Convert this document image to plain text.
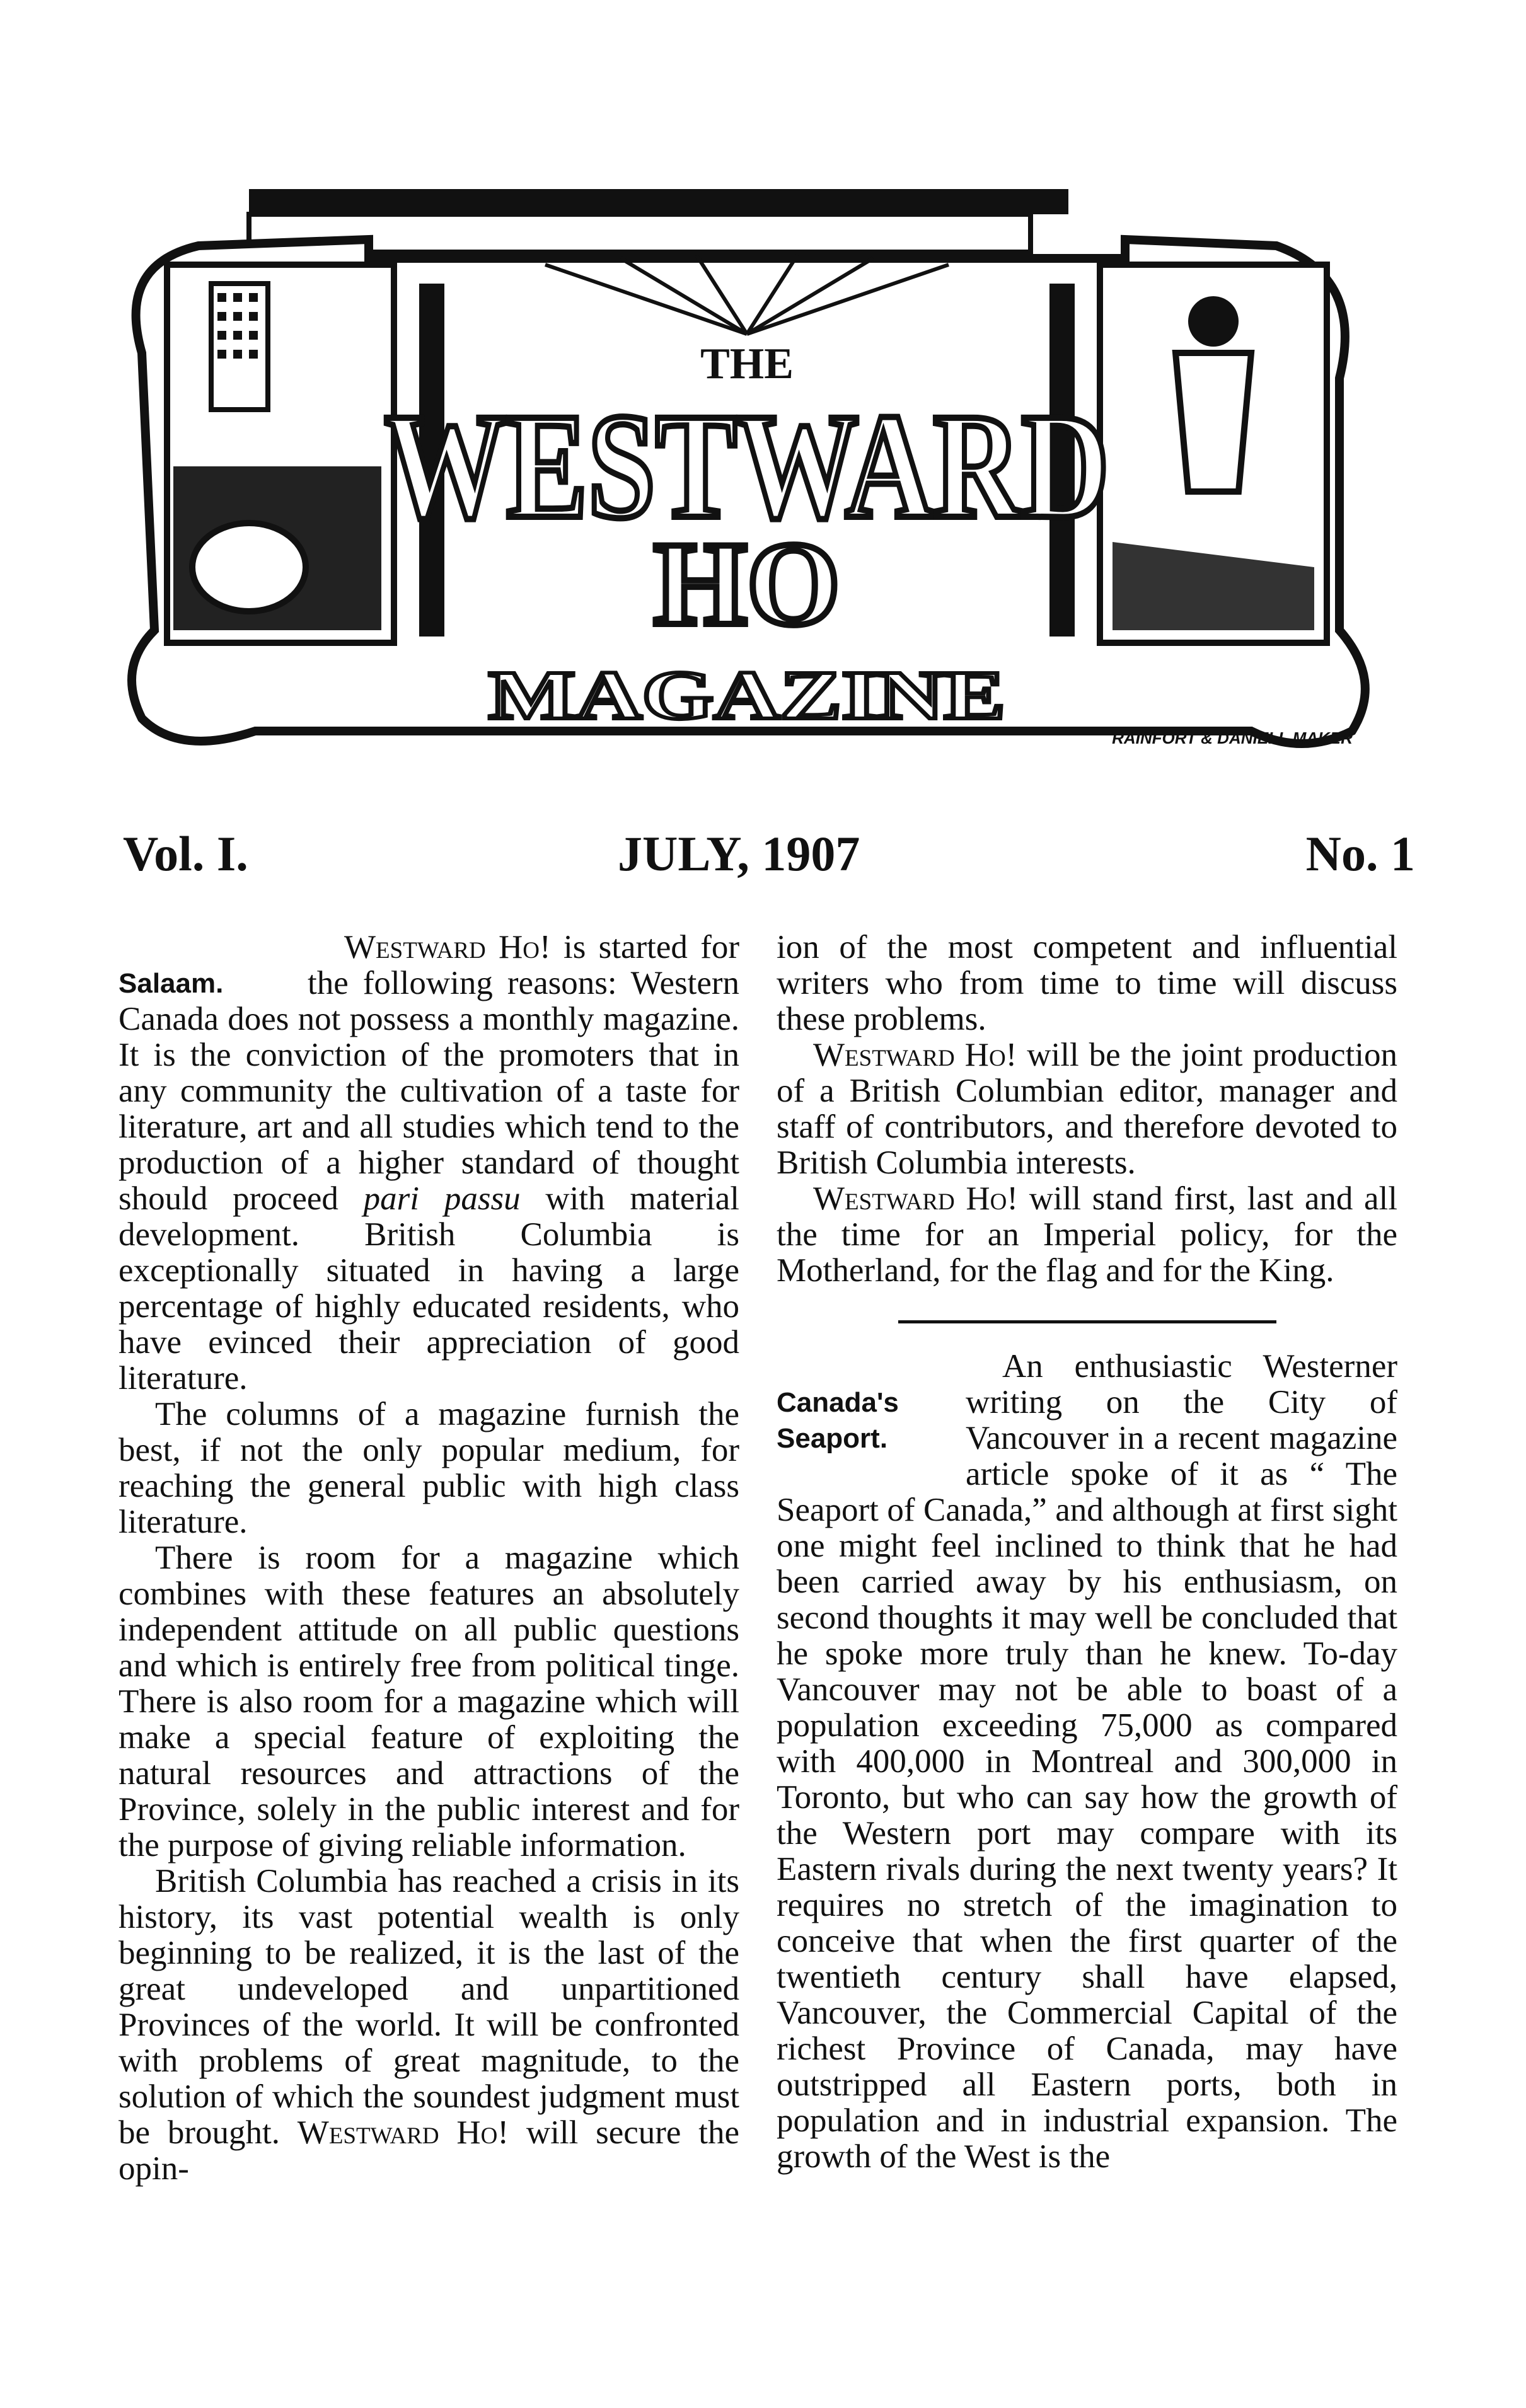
THE
WESTWARD
HO
MAGAZINE
RAINFORT & DANIELL MAKER
Vol. I.	JULY, 1907	No. 1
Salaam.

Westward Ho! is started for the following reasons: Western Canada does not possess a monthly magazine. It is the conviction of the promoters that in any community the cultivation of a taste for literature, art and all studies which tend to the production of a higher standard of thought should proceed pari passu with material development. British Columbia is exceptionally situated in having a large percentage of highly educated residents, who have evinced their appreciation of good literature.

The columns of a magazine furnish the best, if not the only popular medium, for reaching the general public with high class literature.

There is room for a magazine which combines with these features an absolutely independent attitude on all public questions and which is entirely free from political tinge. There is also room for a magazine which will make a special feature of exploiting the natural resources and attractions of the Province, solely in the public interest and for the purpose of giving reliable information.

British Columbia has reached a crisis in its history, its vast potential wealth is only beginning to be realized, it is the last of the great undeveloped and unpartitioned Provinces of the world. It will be confronted with problems of great magnitude, to the solution of which the soundest judgment must be brought. Westward Ho! will secure the opin-

ion of the most competent and influential writers who from time to time will discuss these problems.

Westward Ho! will be the joint production of a British Columbian editor, manager and staff of contributors, and therefore devoted to British Columbia interests.

Westward Ho! will stand first, last and all the time for an Imperial policy, for the Motherland, for the flag and for the King.

Canada's Seaport.

An enthusiastic Westerner writing on the City of Vancouver in a recent magazine article spoke of it as “ The Seaport of Canada,” and although at first sight one might feel inclined to think that he had been carried away by his enthusiasm, on second thoughts it may well be concluded that he spoke more truly than he knew. To-day Vancouver may not be able to boast of a population exceeding 75,000 as compared with 400,000 in Montreal and 300,000 in Toronto, but who can say how the growth of the Western port may compare with its Eastern rivals during the next twenty years? It requires no stretch of the imagination to conceive that when the first quarter of the twentieth century shall have elapsed, Vancouver, the Commercial Capital of the richest Province of Canada, may have outstripped all Eastern ports, both in population and in industrial expansion. The growth of the West is the
